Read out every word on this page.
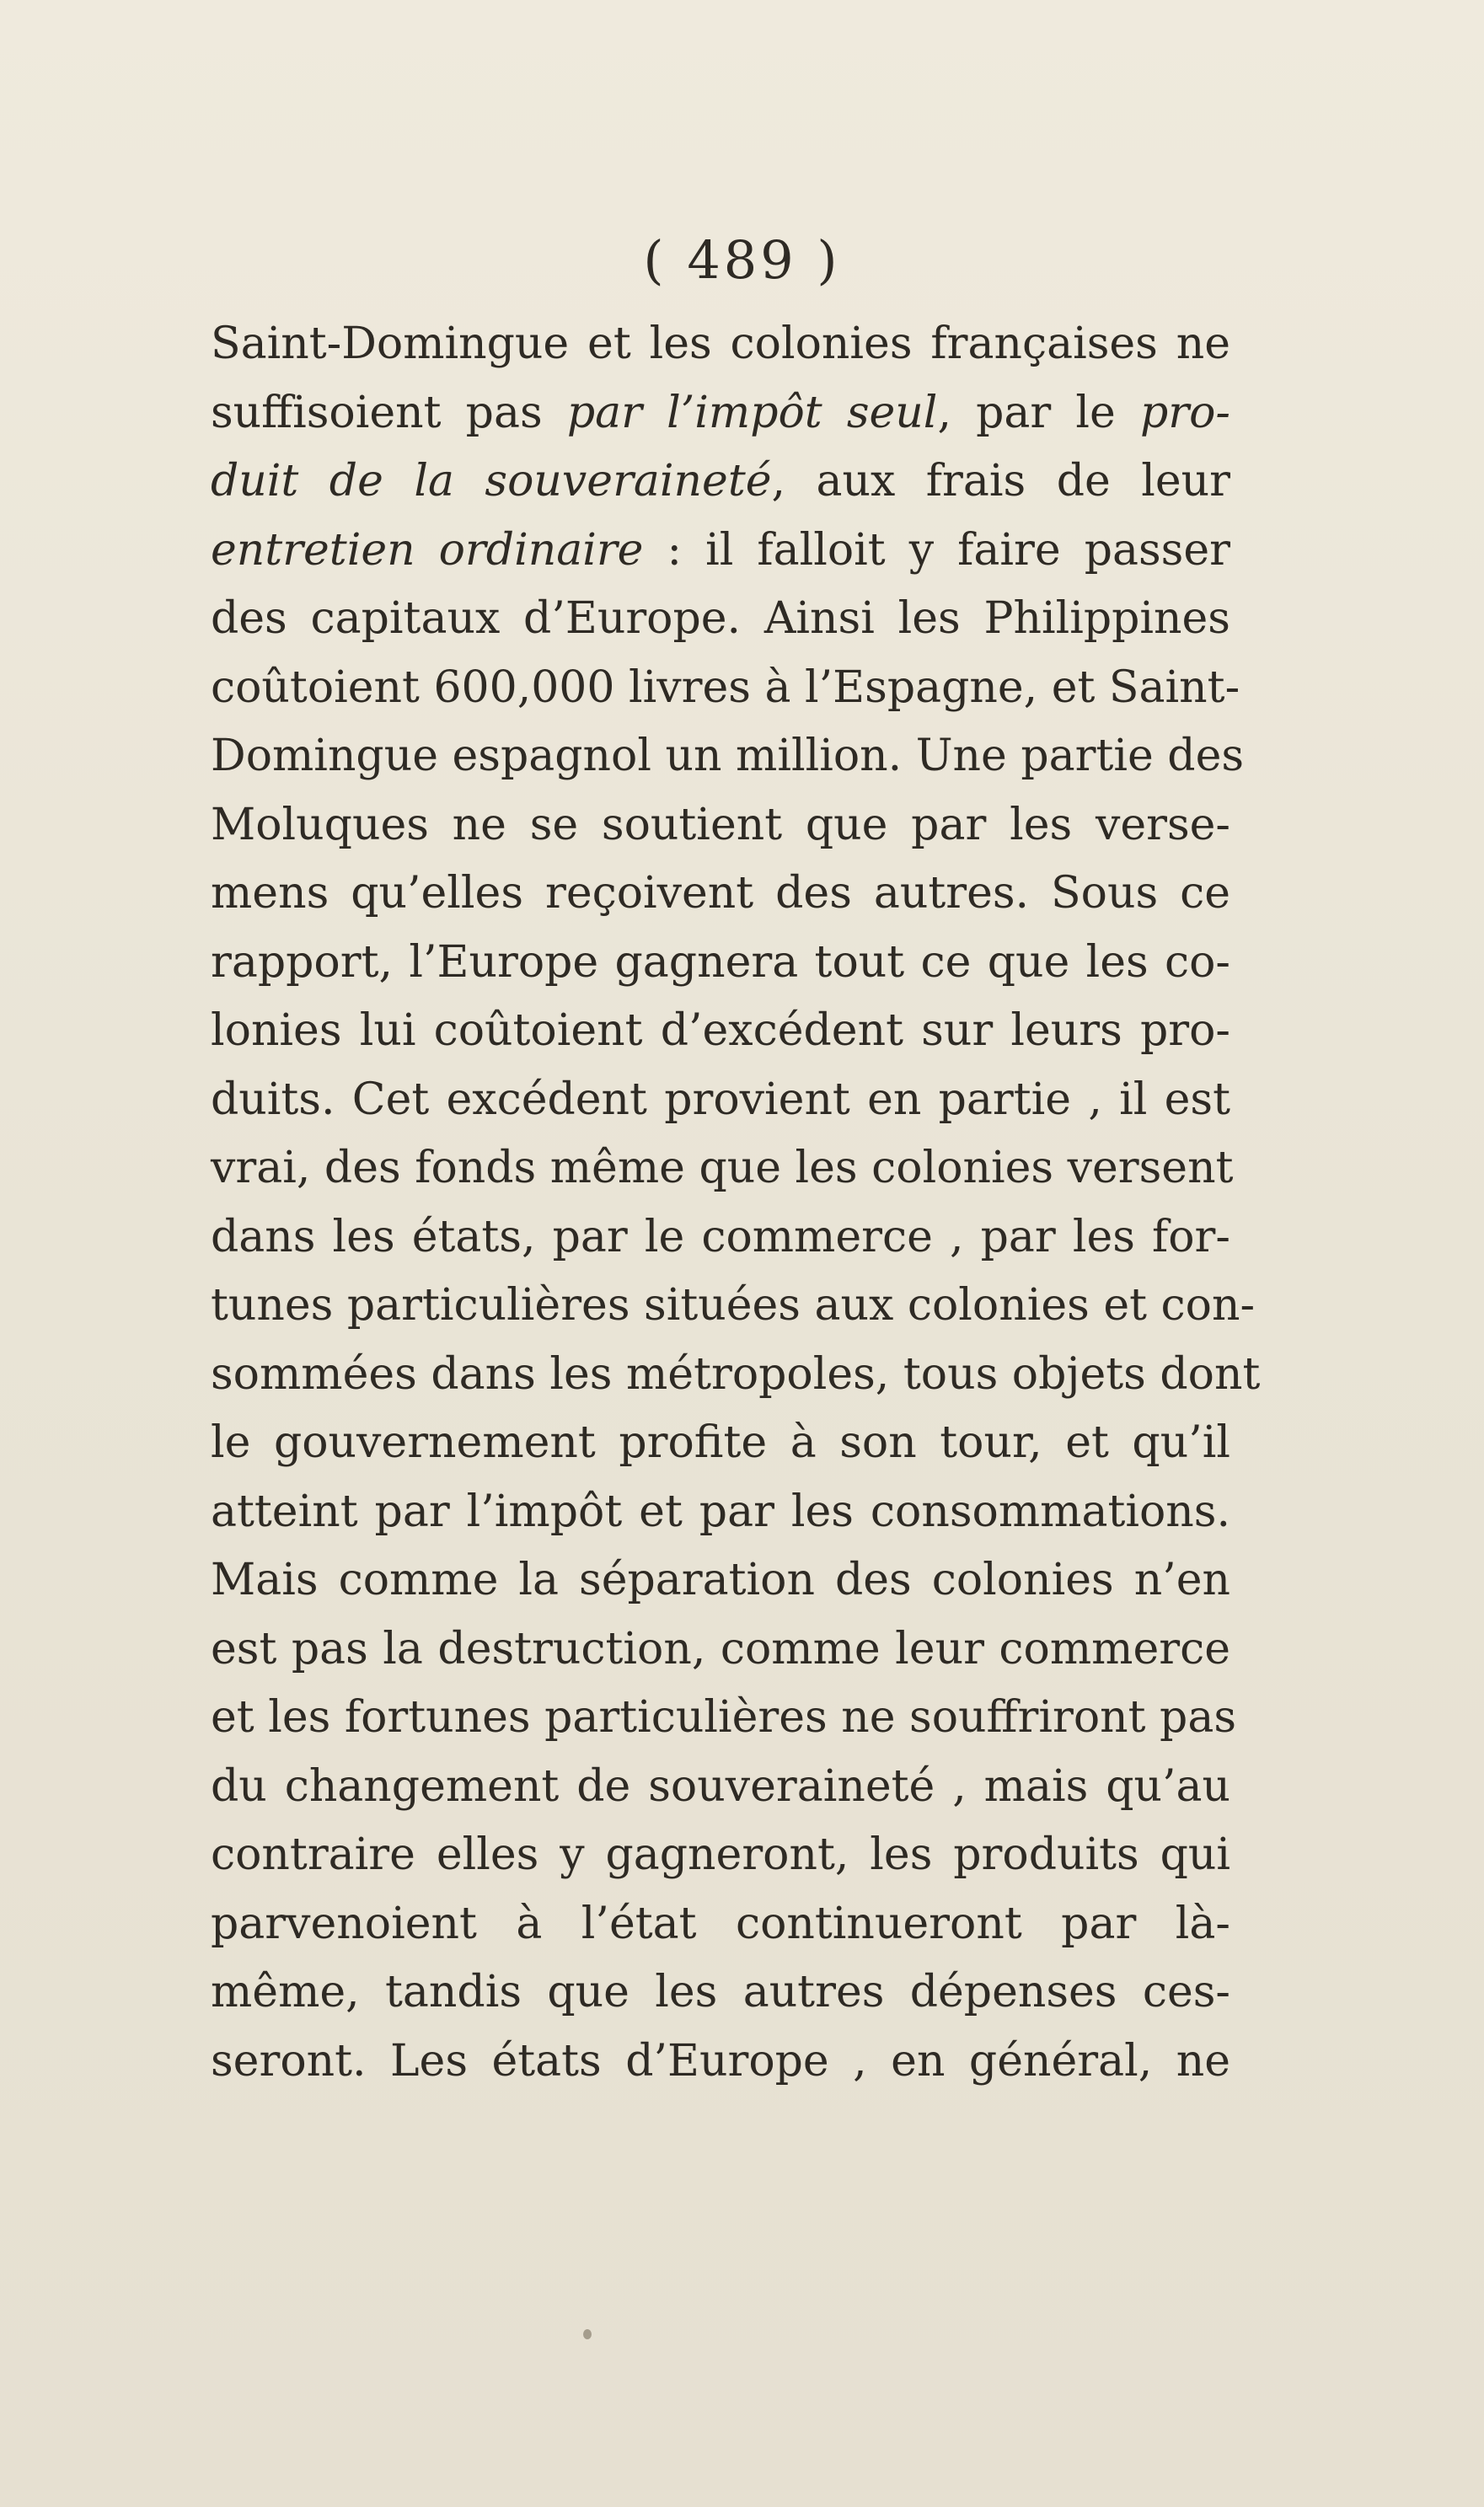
( 489 )
Saint-Domingue et les colonies françaises ne
suffisoient pas par l’impôt seul, par le pro-
duit de la souveraineté, aux frais de leur
entretien ordinaire : il falloit y faire passer
des capitaux d’Europe. Ainsi les Philippines
coûtoient 600,000 livres à l’Espagne, et Saint-
Domingue espagnol un million. Une partie des
Moluques ne se soutient que par les verse-
mens qu’elles reçoivent des autres. Sous ce
rapport, l’Europe gagnera tout ce que les co-
lonies lui coûtoient d’excédent sur leurs pro-
duits. Cet excédent provient en partie , il est
vrai, des fonds même que les colonies versent
dans les états, par le commerce , par les for-
tunes particulières situées aux colonies et con-
sommées dans les métropoles, tous objets dont
le gouvernement profite à son tour, et qu’il
atteint par l’impôt et par les consommations.
Mais comme la séparation des colonies n’en
est pas la destruction, comme leur commerce
et les fortunes particulières ne souffriront pas
du changement de souveraineté , mais qu’au
contraire elles y gagneront, les produits qui
parvenoient à l’état continueront par là-
même, tandis que les autres dépenses ces-
seront. Les états d’Europe , en général, ne
